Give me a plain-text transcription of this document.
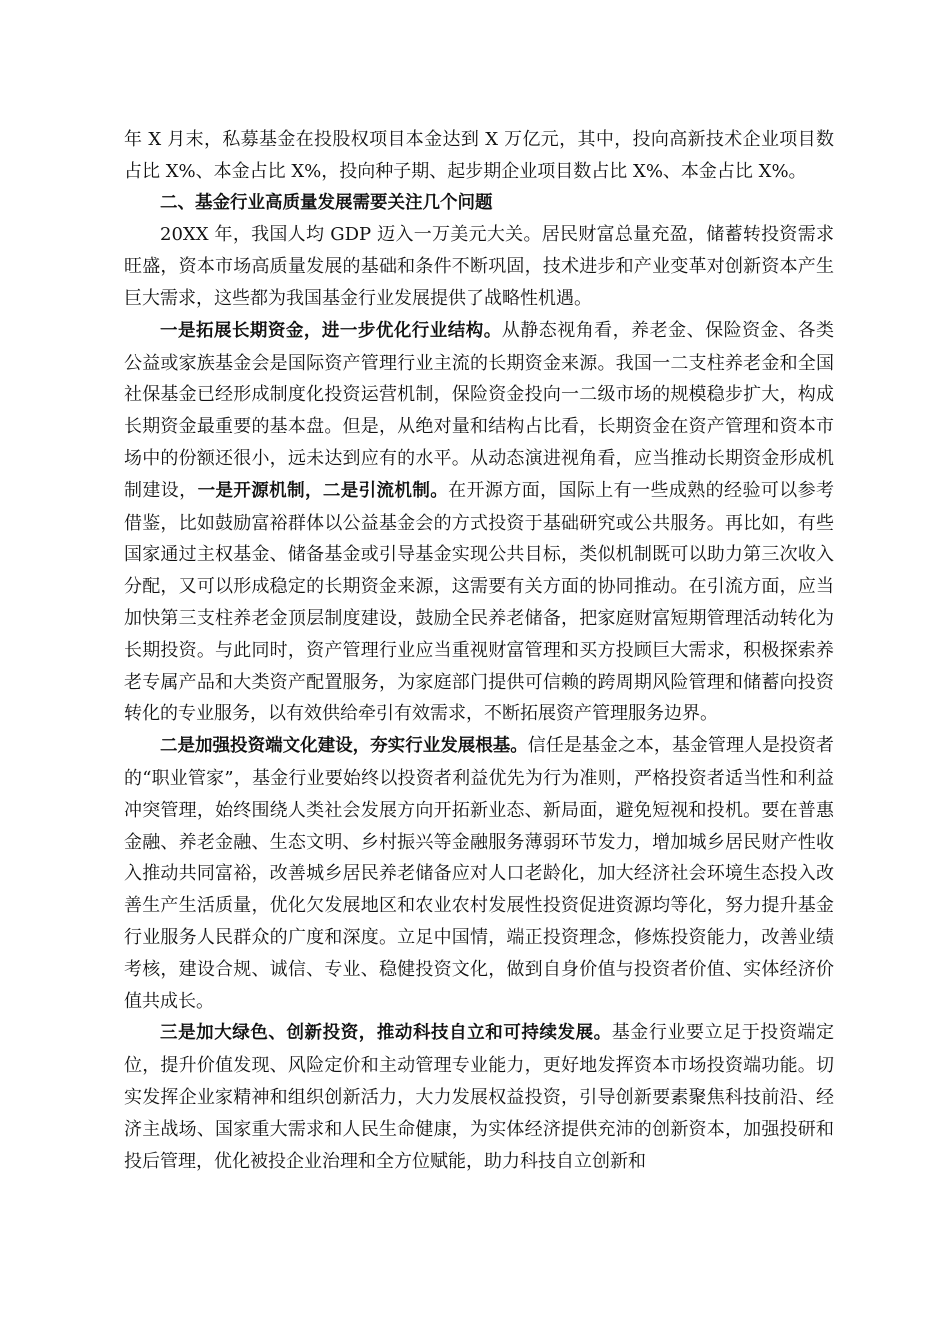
年 X 月末，私募基金在投股权项目本金达到 X 万亿元，其中，投向高新技术企业项目数占比 X%、本金占比 X%，投向种子期、起步期企业项目数占比 X%、本金占比 X%。

二、基金行业高质量发展需要关注几个问题

20XX 年，我国人均 GDP 迈入一万美元大关。居民财富总量充盈，储蓄转投资需求旺盛，资本市场高质量发展的基础和条件不断巩固，技术进步和产业变革对创新资本产生巨大需求，这些都为我国基金行业发展提供了战略性机遇。

一是拓展长期资金，进一步优化行业结构。从静态视角看，养老金、保险资金、各类公益或家族基金会是国际资产管理行业主流的长期资金来源。我国一二支柱养老金和全国社保基金已经形成制度化投资运营机制，保险资金投向一二级市场的规模稳步扩大，构成长期资金最重要的基本盘。但是，从绝对量和结构占比看，长期资金在资产管理和资本市场中的份额还很小，远未达到应有的水平。从动态演进视角看，应当推动长期资金形成机制建设，一是开源机制，二是引流机制。在开源方面，国际上有一些成熟的经验可以参考借鉴，比如鼓励富裕群体以公益基金会的方式投资于基础研究或公共服务。再比如，有些国家通过主权基金、储备基金或引导基金实现公共目标，类似机制既可以助力第三次收入分配，又可以形成稳定的长期资金来源，这需要有关方面的协同推动。在引流方面，应当加快第三支柱养老金顶层制度建设，鼓励全民养老储备，把家庭财富短期管理活动转化为长期投资。与此同时，资产管理行业应当重视财富管理和买方投顾巨大需求，积极探索养老专属产品和大类资产配置服务，为家庭部门提供可信赖的跨周期风险管理和储蓄向投资转化的专业服务，以有效供给牵引有效需求，不断拓展资产管理服务边界。

二是加强投资端文化建设，夯实行业发展根基。信任是基金之本，基金管理人是投资者的“职业管家”，基金行业要始终以投资者利益优先为行为准则，严格投资者适当性和利益冲突管理，始终围绕人类社会发展方向开拓新业态、新局面，避免短视和投机。要在普惠金融、养老金融、生态文明、乡村振兴等金融服务薄弱环节发力，增加城乡居民财产性收入推动共同富裕，改善城乡居民养老储备应对人口老龄化，加大经济社会环境生态投入改善生产生活质量，优化欠发展地区和农业农村发展性投资促进资源均等化，努力提升基金行业服务人民群众的广度和深度。立足中国情，端正投资理念，修炼投资能力，改善业绩考核，建设合规、诚信、专业、稳健投资文化，做到自身价值与投资者价值、实体经济价值共成长。

三是加大绿色、创新投资，推动科技自立和可持续发展。基金行业要立足于投资端定位，提升价值发现、风险定价和主动管理专业能力，更好地发挥资本市场投资端功能。切实发挥企业家精神和组织创新活力，大力发展权益投资，引导创新要素聚焦科技前沿、经济主战场、国家重大需求和人民生命健康，为实体经济提供充沛的创新资本，加强投研和投后管理，优化被投企业治理和全方位赋能，助力科技自立创新和
